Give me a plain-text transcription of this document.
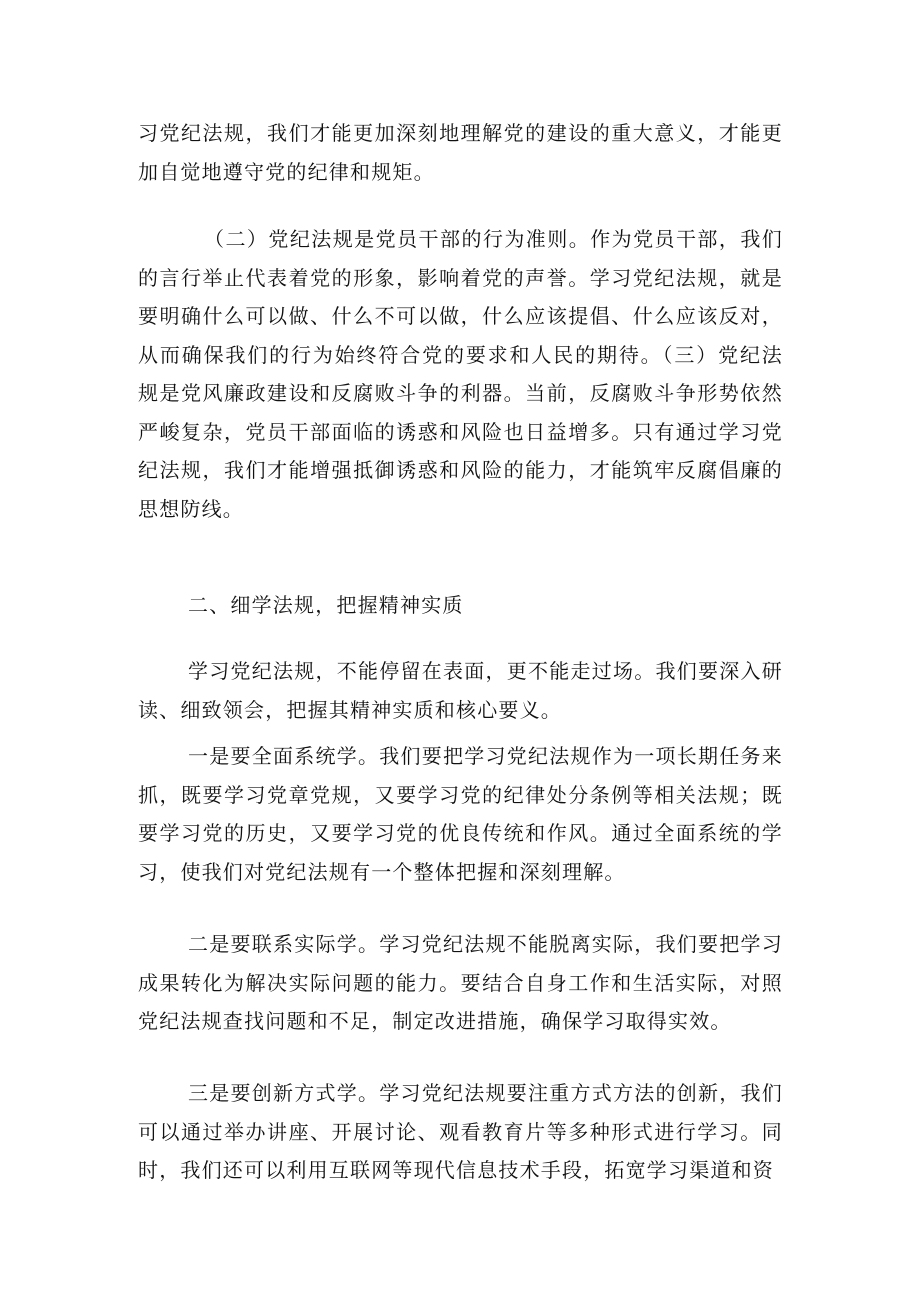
习党纪法规，我们才能更加深刻地理解党的建设的重大意义，才能更加自觉地遵守党的纪律和规矩。

（二）党纪法规是党员干部的行为准则。作为党员干部，我们的言行举止代表着党的形象，影响着党的声誉。学习党纪法规，就是要明确什么可以做、什么不可以做，什么应该提倡、什么应该反对，从而确保我们的行为始终符合党的要求和人民的期待。（三）党纪法规是党风廉政建设和反腐败斗争的利器。当前，反腐败斗争形势依然严峻复杂，党员干部面临的诱惑和风险也日益增多。只有通过学习党纪法规，我们才能增强抵御诱惑和风险的能力，才能筑牢反腐倡廉的思想防线。

二、细学法规，把握精神实质

学习党纪法规，不能停留在表面，更不能走过场。我们要深入研读、细致领会，把握其精神实质和核心要义。

一是要全面系统学。我们要把学习党纪法规作为一项长期任务来抓，既要学习党章党规，又要学习党的纪律处分条例等相关法规；既要学习党的历史，又要学习党的优良传统和作风。通过全面系统的学习，使我们对党纪法规有一个整体把握和深刻理解。

二是要联系实际学。学习党纪法规不能脱离实际，我们要把学习成果转化为解决实际问题的能力。要结合自身工作和生活实际，对照党纪法规查找问题和不足，制定改进措施，确保学习取得实效。

三是要创新方式学。学习党纪法规要注重方式方法的创新，我们可以通过举办讲座、开展讨论、观看教育片等多种形式进行学习。同时，我们还可以利用互联网等现代信息技术手段，拓宽学习渠道和资
